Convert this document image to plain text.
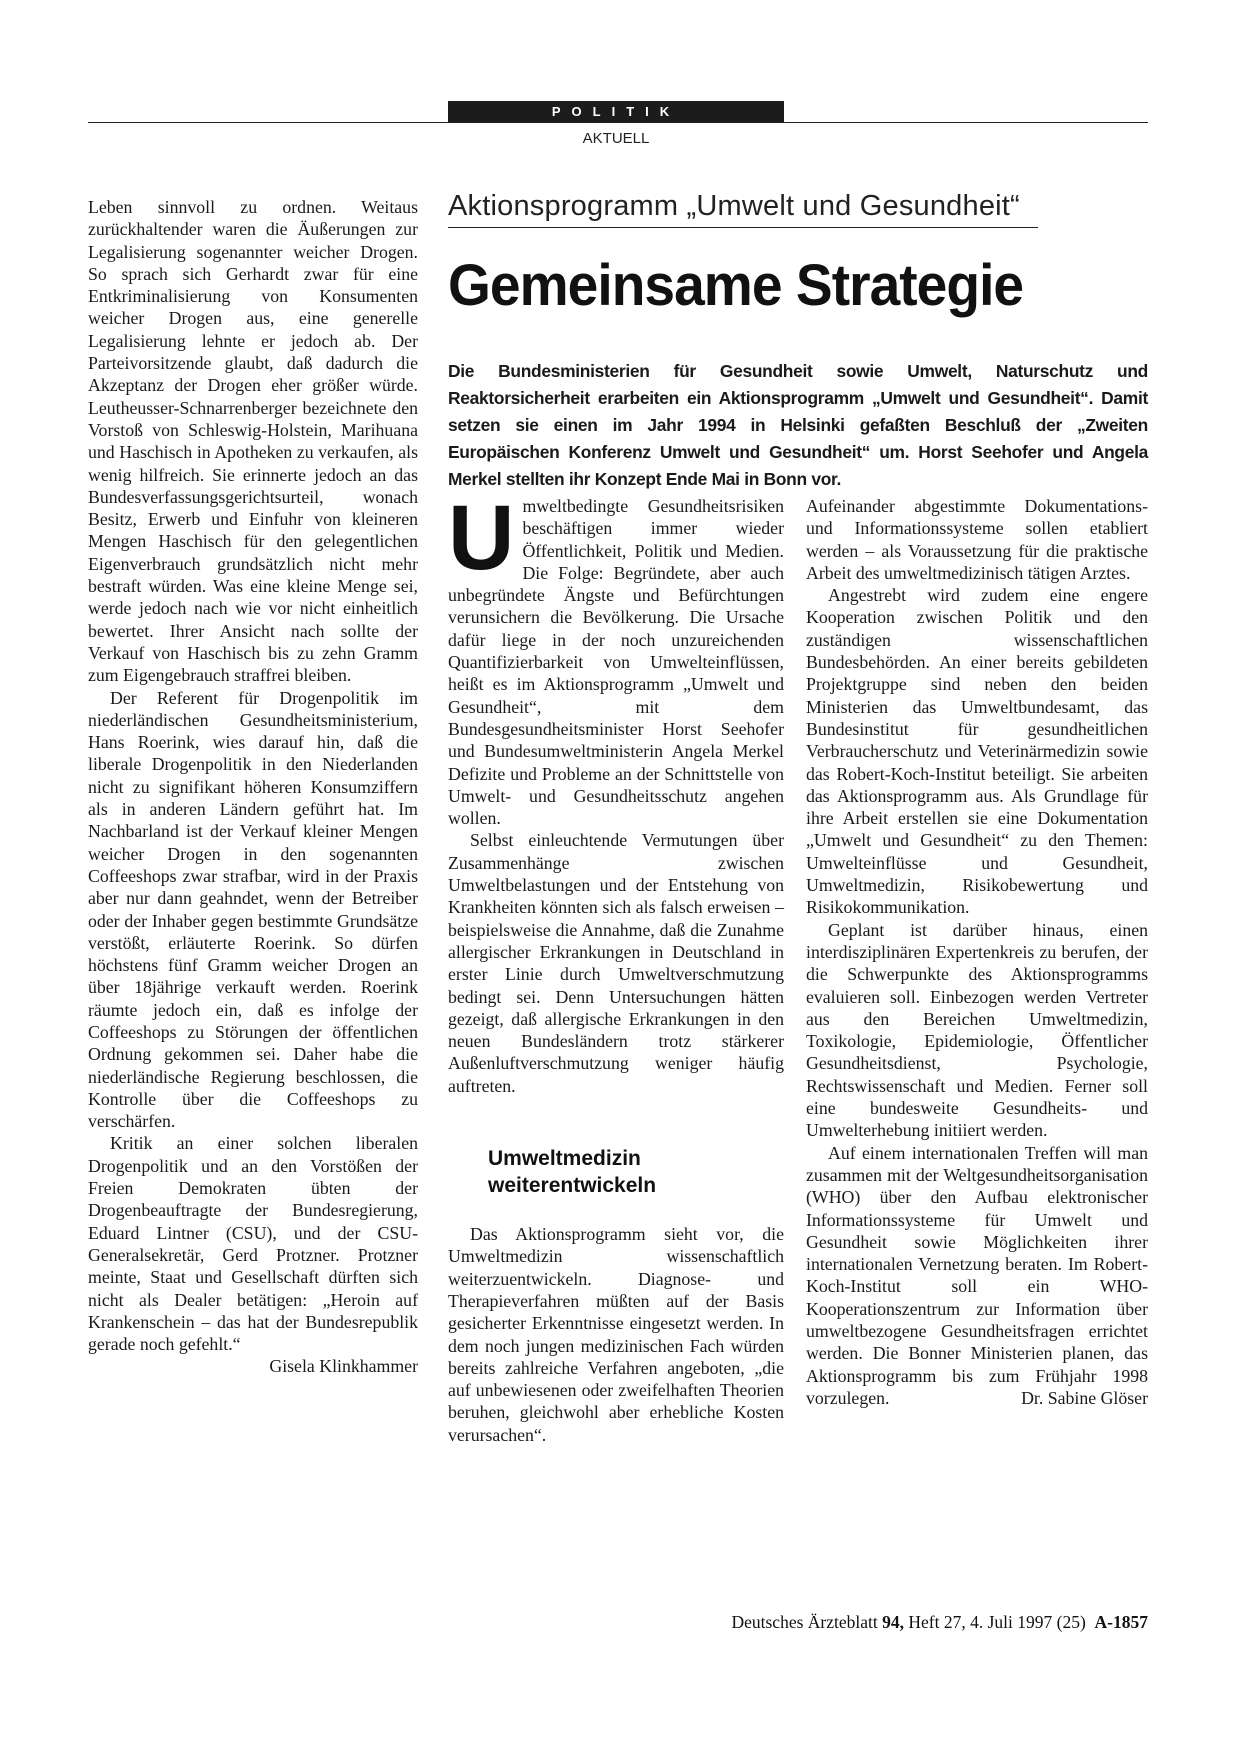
POLITIK
AKTUELL

Leben sinnvoll zu ordnen. Weitaus zurückhaltender waren die Äußerungen zur Legalisierung sogenannter weicher Drogen. So sprach sich Gerhardt zwar für eine Entkriminalisierung von Konsumenten weicher Drogen aus, eine generelle Legalisierung lehnte er jedoch ab. Der Parteivorsitzende glaubt, daß dadurch die Akzeptanz der Drogen eher größer würde. Leutheusser-Schnarrenberger bezeichnete den Vorstoß von Schleswig-Holstein, Marihuana und Haschisch in Apotheken zu verkaufen, als wenig hilfreich. Sie erinnerte jedoch an das Bundesverfassungsgerichtsurteil, wonach Besitz, Erwerb und Einfuhr von kleineren Mengen Haschisch für den gelegentlichen Eigenverbrauch grundsätzlich nicht mehr bestraft würden. Was eine kleine Menge sei, werde jedoch nach wie vor nicht einheitlich bewertet. Ihrer Ansicht nach sollte der Verkauf von Haschisch bis zu zehn Gramm zum Eigengebrauch straffrei bleiben.

Der Referent für Drogenpolitik im niederländischen Gesundheitsministerium, Hans Roerink, wies darauf hin, daß die liberale Drogenpolitik in den Niederlanden nicht zu signifikant höheren Konsumziffern als in anderen Ländern geführt hat. Im Nachbarland ist der Verkauf kleiner Mengen weicher Drogen in den sogenannten Coffeeshops zwar strafbar, wird in der Praxis aber nur dann geahndet, wenn der Betreiber oder der Inhaber gegen bestimmte Grundsätze verstößt, erläuterte Roerink. So dürfen höchstens fünf Gramm weicher Drogen an über 18jährige verkauft werden. Roerink räumte jedoch ein, daß es infolge der Coffeeshops zu Störungen der öffentlichen Ordnung gekommen sei. Daher habe die niederländische Regierung beschlossen, die Kontrolle über die Coffeeshops zu verschärfen.

Kritik an einer solchen liberalen Drogenpolitik und an den Vorstößen der Freien Demokraten übten der Drogenbeauftragte der Bundesregierung, Eduard Lintner (CSU), und der CSU-Generalsekretär, Gerd Protzner. Protzner meinte, Staat und Gesellschaft dürften sich nicht als Dealer betätigen: „Heroin auf Krankenschein – das hat der Bundesrepublik gerade noch gefehlt.“

Gisela Klinkhammer

Aktionsprogramm „Umwelt und Gesundheit“
Gemeinsame Strategie
Die Bundesministerien für Gesundheit sowie Umwelt, Naturschutz und Reaktorsicherheit erarbeiten ein Aktionsprogramm „Umwelt und Gesundheit“. Damit setzen sie einen im Jahr 1994 in Helsinki gefaßten Beschluß der „Zweiten Europäischen Konferenz Umwelt und Gesundheit“ um. Horst Seehofer und Angela Merkel stellten ihr Konzept Ende Mai in Bonn vor.

Umweltbedingte Gesundheitsrisiken beschäftigen immer wieder Öffentlichkeit, Politik und Medien. Die Folge: Begründete, aber auch unbegründete Ängste und Befürchtungen verunsichern die Bevölkerung. Die Ursache dafür liege in der noch unzureichenden Quantifizierbarkeit von Umwelteinflüssen, heißt es im Aktionsprogramm „Umwelt und Gesundheit“, mit dem Bundesgesundheitsminister Horst Seehofer und Bundesumweltministerin Angela Merkel Defizite und Probleme an der Schnittstelle von Umwelt- und Gesundheitsschutz angehen wollen.

Selbst einleuchtende Vermutungen über Zusammenhänge zwischen Umweltbelastungen und der Entstehung von Krankheiten könnten sich als falsch erweisen – beispielsweise die Annahme, daß die Zunahme allergischer Erkrankungen in Deutschland in erster Linie durch Umweltverschmutzung bedingt sei. Denn Untersuchungen hätten gezeigt, daß allergische Erkrankungen in den neuen Bundesländern trotz stärkerer Außenluftverschmutzung weniger häufig auftreten.

Umweltmedizin
weiterentwickeln

Das Aktionsprogramm sieht vor, die Umweltmedizin wissenschaftlich weiterzuentwickeln. Diagnose- und Therapieverfahren müßten auf der Basis gesicherter Erkenntnisse eingesetzt werden. In dem noch jungen medizinischen Fach würden bereits zahlreiche Verfahren angeboten, „die auf unbewiesenen oder zweifelhaften Theorien beruhen, gleichwohl aber erhebliche Kosten verursachen“.

Aufeinander abgestimmte Dokumentations- und Informationssysteme sollen etabliert werden – als Voraussetzung für die praktische Arbeit des umweltmedizinisch tätigen Arztes.

Angestrebt wird zudem eine engere Kooperation zwischen Politik und den zuständigen wissenschaftlichen Bundesbehörden. An einer bereits gebildeten Projektgruppe sind neben den beiden Ministerien das Umweltbundesamt, das Bundesinstitut für gesundheitlichen Verbraucherschutz und Veterinärmedizin sowie das Robert-Koch-Institut beteiligt. Sie arbeiten das Aktionsprogramm aus. Als Grundlage für ihre Arbeit erstellen sie eine Dokumentation „Umwelt und Gesundheit“ zu den Themen: Umwelteinflüsse und Gesundheit, Umweltmedizin, Risikobewertung und Risikokommunikation.

Geplant ist darüber hinaus, einen interdisziplinären Expertenkreis zu berufen, der die Schwerpunkte des Aktionsprogramms evaluieren soll. Einbezogen werden Vertreter aus den Bereichen Umweltmedizin, Toxikologie, Epidemiologie, Öffentlicher Gesundheitsdienst, Psychologie, Rechtswissenschaft und Medien. Ferner soll eine bundesweite Gesundheits- und Umwelterhebung initiiert werden.

Auf einem internationalen Treffen will man zusammen mit der Weltgesundheitsorganisation (WHO) über den Aufbau elektronischer Informationssysteme für Umwelt und Gesundheit sowie Möglichkeiten ihrer internationalen Vernetzung beraten. Im Robert-Koch-Institut soll ein WHO-Kooperationszentrum zur Information über umweltbezogene Gesundheitsfragen errichtet werden. Die Bonner Ministerien planen, das Aktionsprogramm bis zum Frühjahr 1998 vorzulegen.	Dr. Sabine Glöser

Deutsches Ärzteblatt 94, Heft 27, 4. Juli 1997 (25) A-1857
